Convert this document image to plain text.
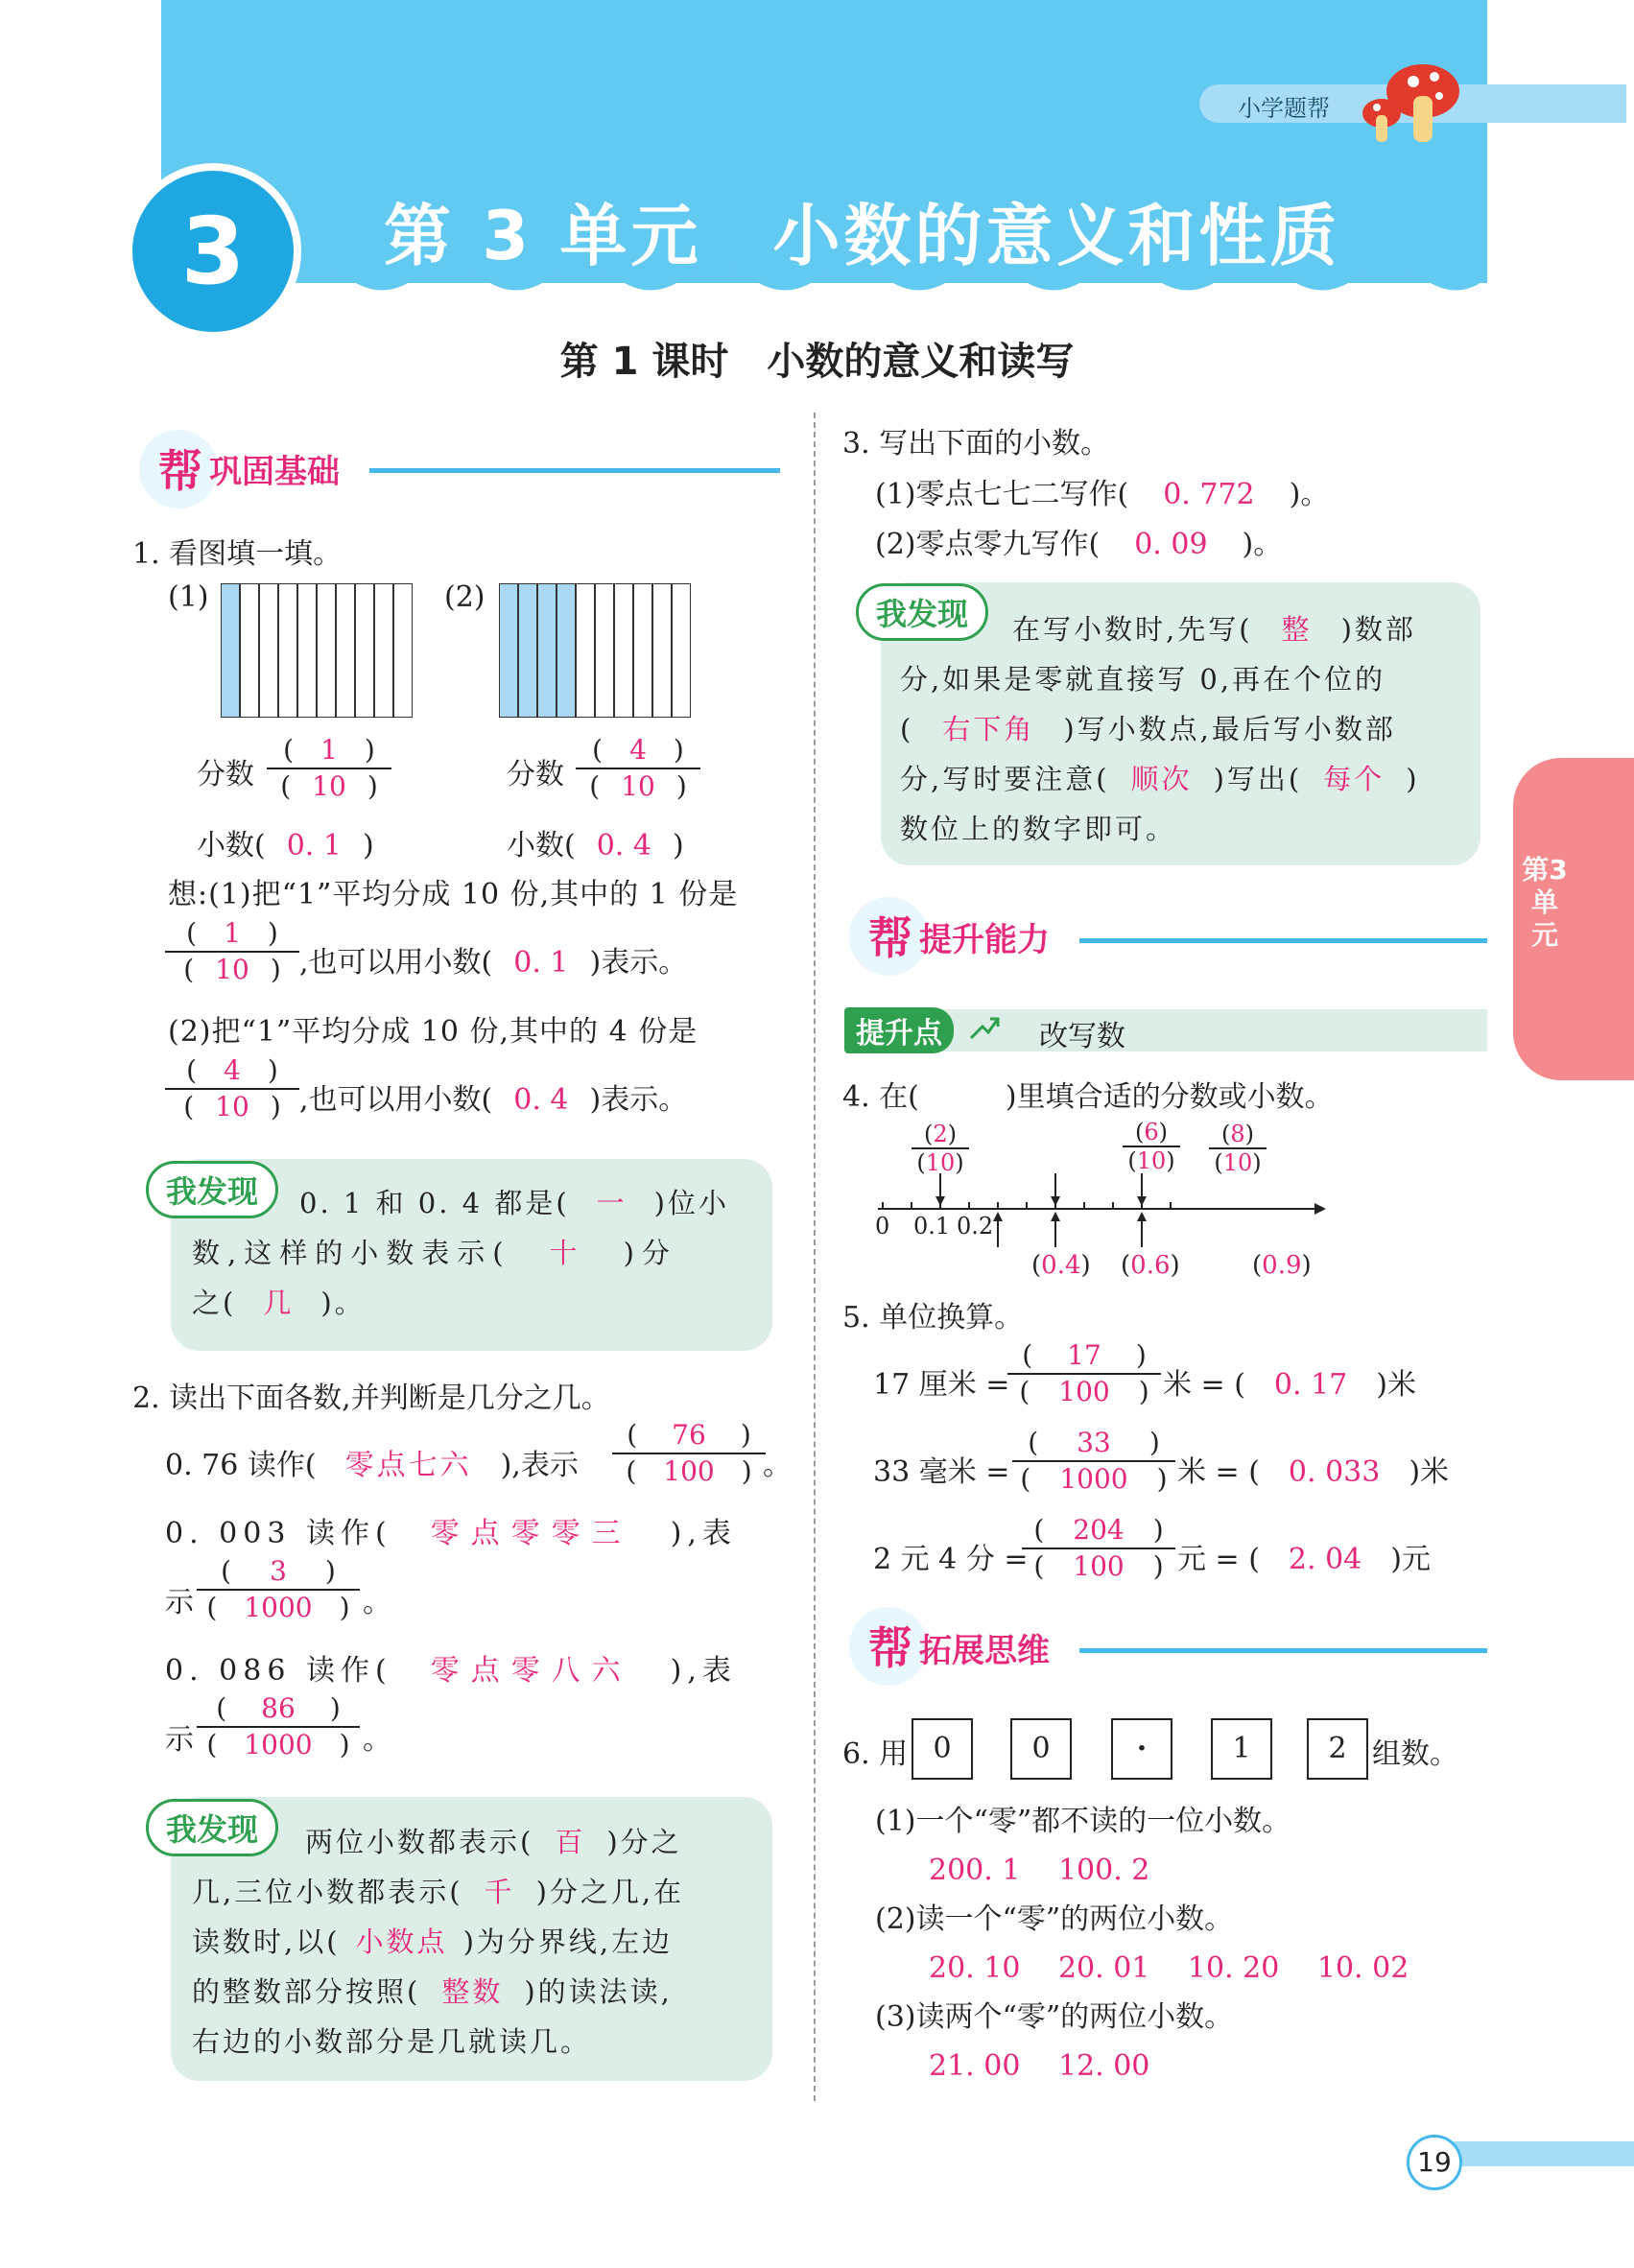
小学题帮
3	第 3 单元　小数的意义和性质
第 1 课时　小数的意义和读写
第3单元
帮 巩固基础
1. 看图填一填。
(1)	(2)
分数
( 1 )
( 10 )	分数
( 4 )
( 10 )
小数( 0. 1 )	小数( 0. 4 )
想:(1)把“1”平均分成 10 份,其中的 1 份是
( 1 )
( 10 ) ,也可以用小数( 0. 1 )表示。
(2)把“1”平均分成 10 份,其中的 4 份是
( 4 )
( 10 ) ,也可以用小数( 0. 4 )表示。
我发现	0. 1 和 0. 4 都是( 一 )位小
数,这样的小数表示( 十 )分
之( 几 )。
2. 读出下面各数,并判断是几分之几。
0. 76 读作( 零点七六 ),表示
( 76 )
( 100 ) 。
0. 003 读作( 零点零零三 ),表
示
( 3 )
( 1000 ) 。
0. 086 读作( 零点零八六 ),表
示
( 86 )
( 1000 ) 。
我发现	两位小数都表示( 百 )分之
几,三位小数都表示( 千 )分之几,在
读数时,以( 小数点 )为分界线,左边
的整数部分按照( 整数 )的读法读,
右边的小数部分是几就读几。
3. 写出下面的小数。
(1)零点七七二写作( 0. 772 )。
(2)零点零九写作( 0. 09 )。
我发现	在写小数时,先写( 整 )数部
分,如果是零就直接写 0,再在个位的
( 右下角 )写小数点,最后写小数部
分,写时要注意( 顺次 )写出( 每个 )
数位上的数字即可。
帮 提升能力
提升点	改写数
4. 在(　　　)里填合适的分数或小数。
(2)
(10)
(6)
(10)
(8)
(10)
0 0.1 0.2
(0.4) (0.6)	(0.9)
5. 单位换算。
17 厘米 =
( 17 )
( 100 ) 米 = ( 0. 17 )米
33 毫米 =
( 33 )
( 1000 ) 米 = ( 0. 033 )米
2 元 4 分 =
( 204 )
( 100 ) 元 = ( 2. 04 )元
帮 拓展思维
6. 用 0	0	·	1	2 组数。
(1)一个“零”都不读的一位小数。
200. 1　 100. 2
(2)读一个“零”的两位小数。
20. 10　 20. 01　 10. 20　 10. 02
(3)读两个“零”的两位小数。
21. 00　 12. 00
19
